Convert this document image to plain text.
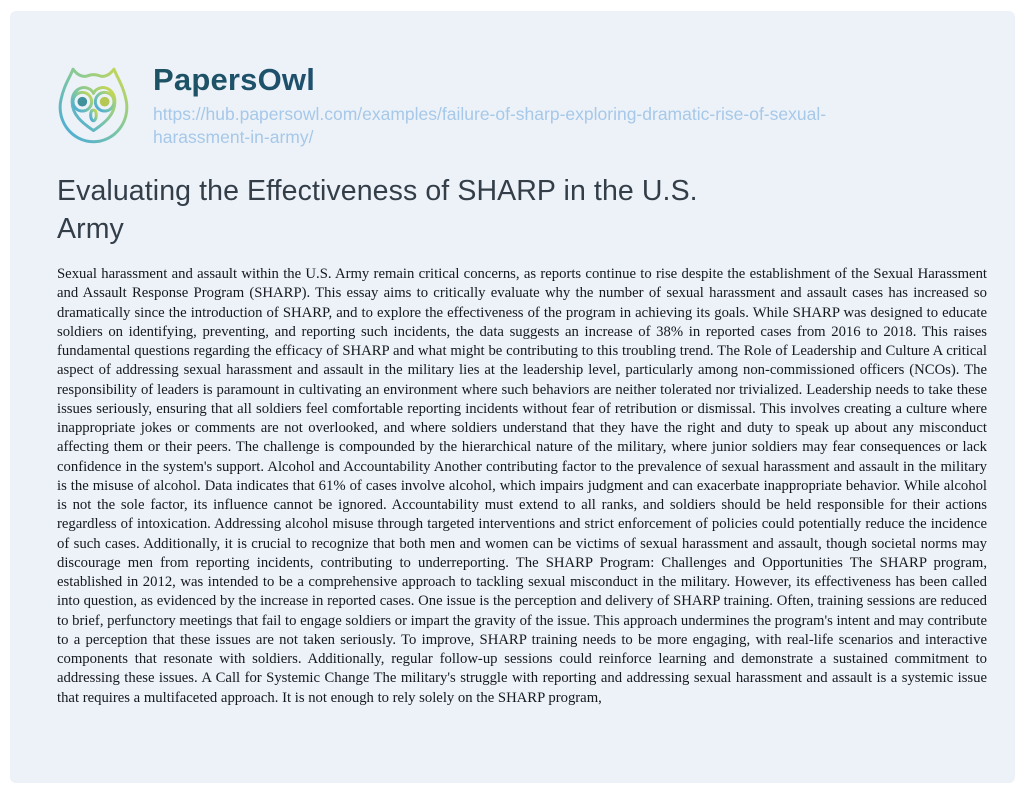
PapersOwl
https://hub.papersowl.com/examples/failure-of-sharp-exploring-dramatic-rise-of-sexual-harassment-in-army/
Evaluating the Effectiveness of SHARP in the U.S. Army

Sexual harassment and assault within the U.S. Army remain critical concerns, as reports continue to rise despite the establishment of the Sexual Harassment and Assault Response Program (SHARP). This essay aims to critically evaluate why the number of sexual harassment and assault cases has increased so dramatically since the introduction of SHARP, and to explore the effectiveness of the program in achieving its goals. While SHARP was designed to educate soldiers on identifying, preventing, and reporting such incidents, the data suggests an increase of 38% in reported cases from 2016 to 2018. This raises fundamental questions regarding the efficacy of SHARP and what might be contributing to this troubling trend. The Role of Leadership and Culture A critical aspect of addressing sexual harassment and assault in the military lies at the leadership level, particularly among non-commissioned officers (NCOs). The responsibility of leaders is paramount in cultivating an environment where such behaviors are neither tolerated nor trivialized. Leadership needs to take these issues seriously, ensuring that all soldiers feel comfortable reporting incidents without fear of retribution or dismissal. This involves creating a culture where inappropriate jokes or comments are not overlooked, and where soldiers understand that they have the right and duty to speak up about any misconduct affecting them or their peers. The challenge is compounded by the hierarchical nature of the military, where junior soldiers may fear consequences or lack confidence in the system's support. Alcohol and Accountability Another contributing factor to the prevalence of sexual harassment and assault in the military is the misuse of alcohol. Data indicates that 61% of cases involve alcohol, which impairs judgment and can exacerbate inappropriate behavior. While alcohol is not the sole factor, its influence cannot be ignored. Accountability must extend to all ranks, and soldiers should be held responsible for their actions regardless of intoxication. Addressing alcohol misuse through targeted interventions and strict enforcement of policies could potentially reduce the incidence of such cases. Additionally, it is crucial to recognize that both men and women can be victims of sexual harassment and assault, though societal norms may discourage men from reporting incidents, contributing to underreporting. The SHARP Program: Challenges and Opportunities The SHARP program, established in 2012, was intended to be a comprehensive approach to tackling sexual misconduct in the military. However, its effectiveness has been called into question, as evidenced by the increase in reported cases. One issue is the perception and delivery of SHARP training. Often, training sessions are reduced to brief, perfunctory meetings that fail to engage soldiers or impart the gravity of the issue. This approach undermines the program's intent and may contribute to a perception that these issues are not taken seriously. To improve, SHARP training needs to be more engaging, with real-life scenarios and interactive components that resonate with soldiers. Additionally, regular follow-up sessions could reinforce learning and demonstrate a sustained commitment to addressing these issues. A Call for Systemic Change The military's struggle with reporting and addressing sexual harassment and assault is a systemic issue that requires a multifaceted approach. It is not enough to rely solely on the SHARP program,
